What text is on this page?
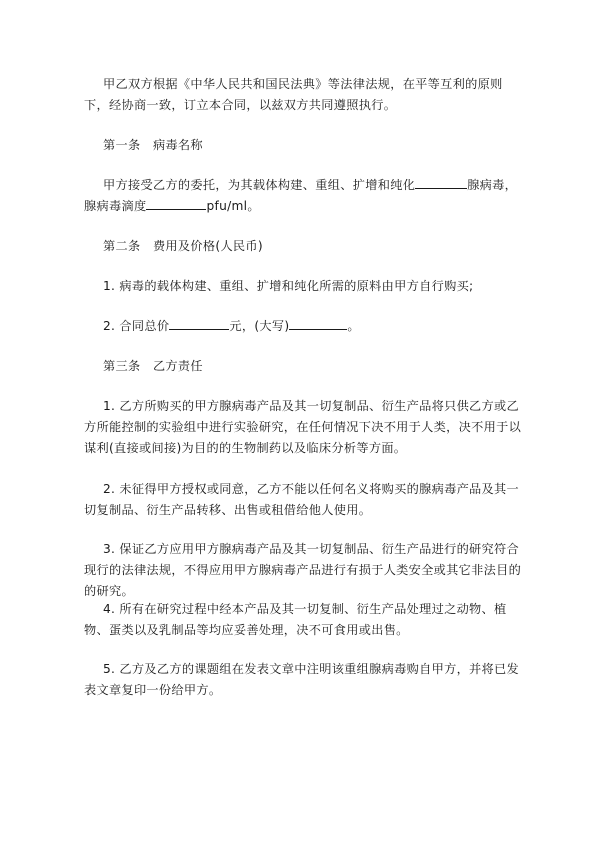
甲乙双方根据《中华人民共和国民法典》等法律法规，在平等互利的原则下，经协商一致，订立本合同，以兹双方共同遵照执行。

第一条　病毒名称

甲方接受乙方的委托，为其载体构建、重组、扩增和纯化	腺病毒，腺病毒滴度	pfu/ml。

第二条　费用及价格(人民币)

1. 病毒的载体构建、重组、扩增和纯化所需的原料由甲方自行购买;

2. 合同总价	元，(大写)	。

第三条　乙方责任

1. 乙方所购买的甲方腺病毒产品及其一切复制品、衍生产品将只供乙方或乙方所能控制的实验组中进行实验研究，在任何情况下决不用于人类，决不用于以谋利(直接或间接)为目的的生物制药以及临床分析等方面。

2. 未征得甲方授权或同意，乙方不能以任何名义将购买的腺病毒产品及其一切复制品、衍生产品转移、出售或租借给他人使用。

3. 保证乙方应用甲方腺病毒产品及其一切复制品、衍生产品进行的研究符合现行的法律法规，不得应用甲方腺病毒产品进行有损于人类安全或其它非法目的的研究。

4. 所有在研究过程中经本产品及其一切复制、衍生产品处理过之动物、植物、蛋类以及乳制品等均应妥善处理，决不可食用或出售。

5. 乙方及乙方的课题组在发表文章中注明该重组腺病毒购自甲方，并将已发表文章复印一份给甲方。
